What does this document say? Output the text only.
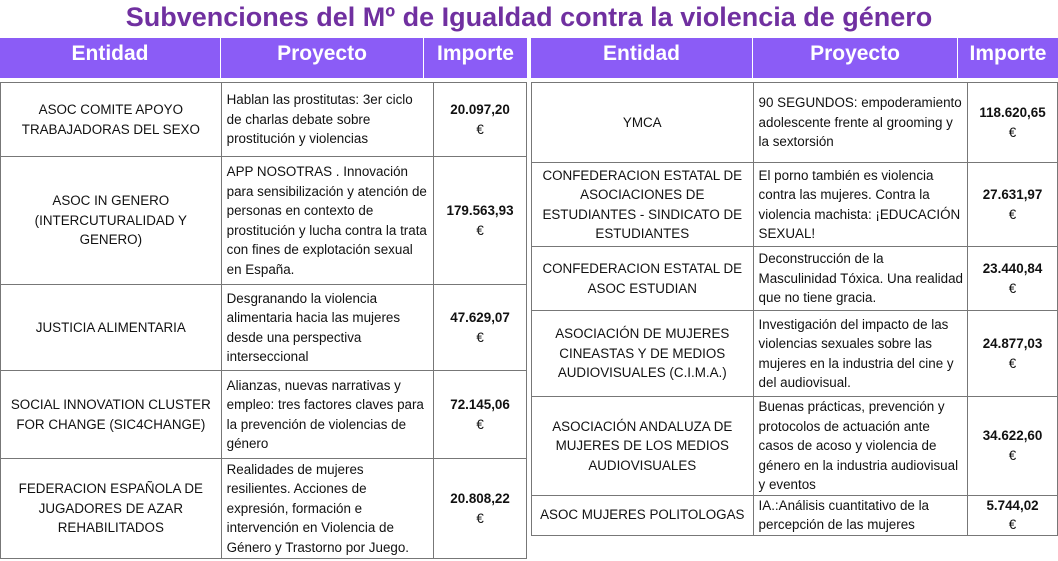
Subvenciones del Mº de Igualdad contra la violencia de género
Entidad	Proyecto	Importe
ASOC COMITE APOYO TRABAJADORAS DEL SEXO	Hablan las prostitutas: 3er ciclo de charlas debate sobre prostitución y violencias	20.097,20
€

ASOC IN GENERO (INTERCUTURALIDAD Y GENERO)	APP NOSOTRAS . Innovación para sensibilización y atención de personas en contexto de prostitución y lucha contra la trata con fines de explotación sexual en España.	179.563,93
€

JUSTICIA ALIMENTARIA	Desgranando la violencia alimentaria hacia las mujeres desde una perspectiva interseccional	47.629,07
€

SOCIAL INNOVATION CLUSTER FOR CHANGE (SIC4CHANGE)	Alianzas, nuevas narrativas y empleo: tres factores claves para la prevención de violencias de género	72.145,06
€

FEDERACION ESPAÑOLA DE JUGADORES DE AZAR REHABILITADOS	Realidades de mujeres resilientes. Acciones de expresión, formación e intervención en Violencia de Género y Trastorno por Juego.	20.808,22
€
Entidad	Proyecto	Importe
YMCA	90 SEGUNDOS: empoderamiento adolescente frente al grooming y la sextorsión	118.620,65
€

CONFEDERACION ESTATAL DE ASOCIACIONES DE ESTUDIANTES - SINDICATO DE ESTUDIANTES	El porno también es violencia contra las mujeres. Contra la violencia machista: ¡EDUCACIÓN SEXUAL!	27.631,97
€

CONFEDERACION ESTATAL DE ASOC ESTUDIAN	Deconstrucción de la Masculinidad Tóxica. Una realidad que no tiene gracia.	23.440,84
€

ASOCIACIÓN DE MUJERES CINEASTAS Y DE MEDIOS AUDIOVISUALES (C.I.M.A.)	Investigación del impacto de las violencias sexuales sobre las mujeres en la industria del cine y del audiovisual.	24.877,03
€

ASOCIACIÓN ANDALUZA DE MUJERES DE LOS MEDIOS AUDIOVISUALES	Buenas prácticas, prevención y protocolos de actuación ante casos de acoso y violencia de género en la industria audiovisual y eventos	34.622,60
€

ASOC MUJERES POLITOLOGAS	IA.:Análisis cuantitativo de la percepción de las mujeres	5.744,02
€
